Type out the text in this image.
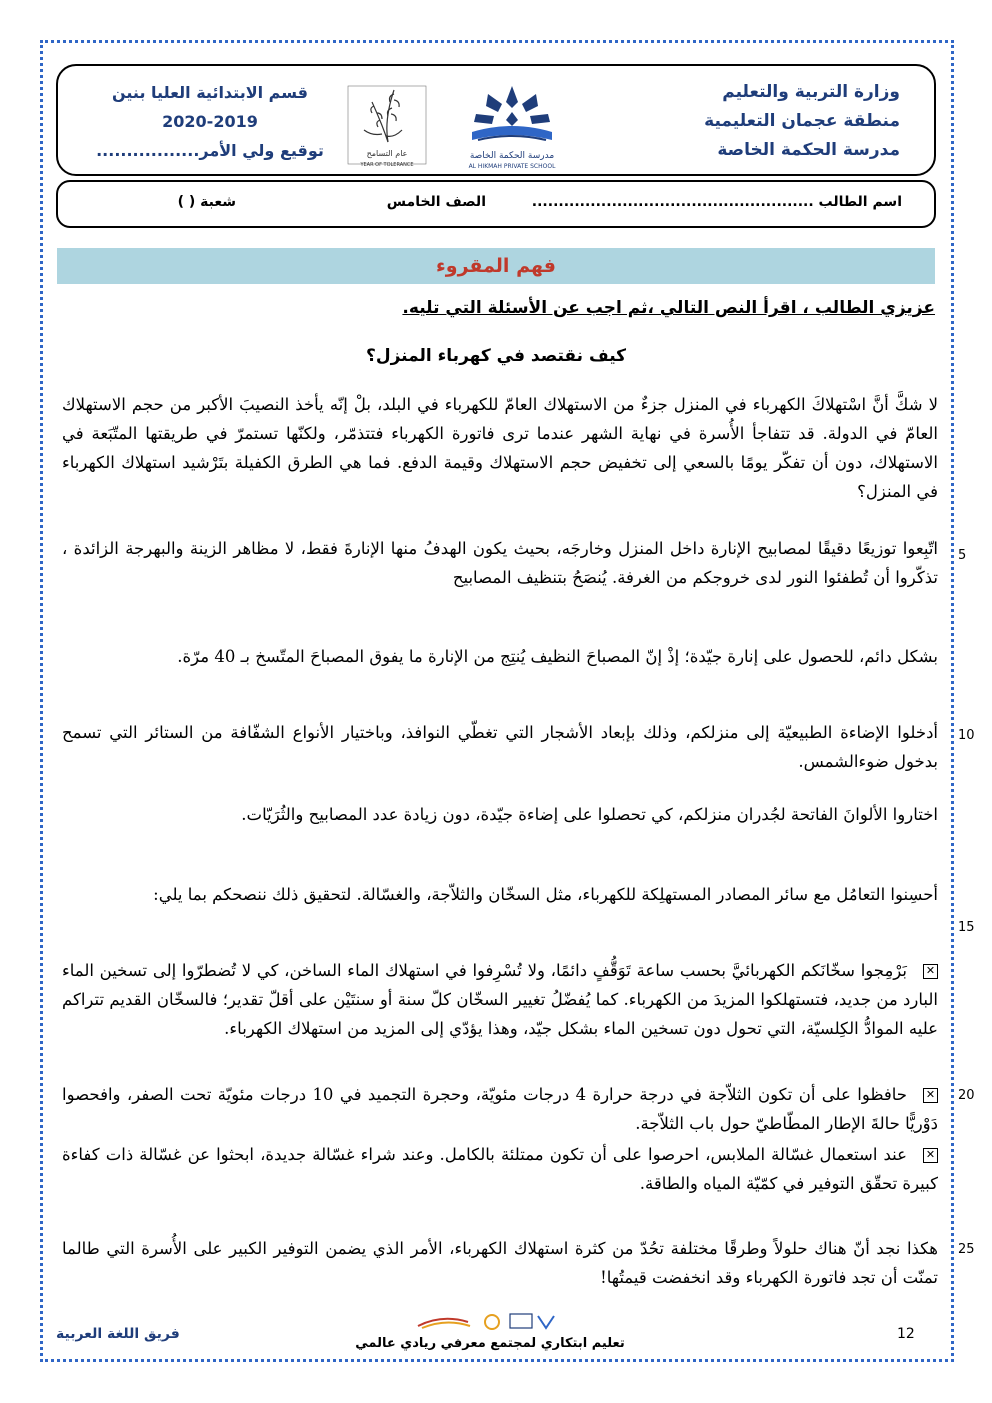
وزارة التربية والتعليم
منطقة عجمان التعليمية
مدرسة الحكمة الخاصة
قسم الابتدائية العليا بنين
2020-2019
توقيع ولي الأمر.................	مدرسة الحكمة الخاصة
AL HIKMAH PRIVATE SCHOOL
عام التسامح
YEAR OF TOLERANCE
اسم الطالب .....................................................
الصف الخامس
شعبة ( )
فهم المقروء
عزيزي الطالب ، اقرأ النص التالي ،ثم اجب عن الأسئلة التي تليه.
كيف نقتصد في كهرباء المنزل؟
لا شكَّ أنَّ اسْتهلاكَ الكهرباء في المنزل جزءٌ من الاستهلاك العامّ للكهرباء في البلد، بلْ إنّه يأخذ النصيبَ الأكبر من حجم الاستهلاك العامّ في الدولة. قد تتفاجأ الأُسرة في نهاية الشهر عندما ترى فاتورة الكهرباء فتتذمّر، ولكنّها تستمرّ في طريقتها المتّبَعة في الاستهلاك، دون أن تفكّر يومًا بالسعي إلى تخفيض حجم الاستهلاك وقيمة الدفع. فما هي الطرق الكفيلة بتَرْشيد استهلاك الكهرباء في المنزل؟
اتّبِعوا توزيعًا دقيقًا لمصابيح الإنارة داخل المنزل وخارجَه، بحيث يكون الهدفُ منها الإنارةَ فقط، لا مظاهر الزينة والبهرجة الزائدة ، تذكّروا أن تُطفئوا النور لدى خروجكم من الغرفة. يُنصَحُ بتنظيف المصابيح
بشكل دائم، للحصول على إنارة جيّدة؛ إذْ إنّ المصباحَ النظيف يُنتِج من الإنارة ما يفوق المصباحَ المتّسخ بـ 40 مرّة.
أدخلوا الإضاءة الطبيعيّة إلى منزلكم، وذلك بإبعاد الأشجار التي تغطّي النوافذ، وباختيار الأنواع الشفّافة من الستائر التي تسمح بدخول ضوءالشمس.
اختاروا الألوانَ الفاتحة لجُدران منزلكم، كي تحصلوا على إضاءة جيّدة، دون زيادة عدد المصابيح والثُرَيّات.
أحسِنوا التعامُل مع سائر المصادر المستهلِكة للكهرباء، مثل السخّان والثلاّجة، والغسّالة. لتحقيق ذلك ننصحكم بما يلي:
✕بَرْمِجوا سخّانَكم الكهربائيَّ بحسب ساعة تَوَقُّفٍ دائمًا، ولا تُسْرِفوا في استهلاك الماء الساخن، كي لا تُضطرّوا إلى تسخين الماء البارد من جديد، فتستهلكوا المزيدَ من الكهرباء. كما يُفضّلُ تغيير السخّان كلّ سنة أو سنتَيْن على أقلّ تقدير؛ فالسخّان القديم تتراكم عليه الموادُّ الكِلسيّة، التي تحول دون تسخين الماء بشكل جيّد، وهذا يؤدّي إلى المزيد من استهلاك الكهرباء.
✕حافظوا على أن تكون الثلاّجة في درجة حرارة 4 درجات مئويّة، وحجرة التجميد في 10 درجات مئويّة تحت الصفر، وافحصوا دَوْريًّا حالةَ الإطار المطّاطيّ حول باب الثلاّجة.
✕عند استعمال غسّالة الملابس، احرصوا على أن تكون ممتلئة بالكامل. وعند شراء غسّالة جديدة، ابحثوا عن غسّالة ذات كفاءة كبيرة تحقّق التوفير في كمّيّة المياه والطاقة.
هكذا نجد أنّ هناك حلولاً وطرقًا مختلفة تحُدّ من كثرة استهلاك الكهرباء، الأمر الذي يضمن التوفير الكبير على الأُسرة التي طالما تمنّت أن تجد فاتورة الكهرباء وقد انخفضت قيمتُها!
5
10
15
20
25
12
فريق اللغة العربية
تعليم ابتكاري لمجتمع معرفي ريادي عالمي
